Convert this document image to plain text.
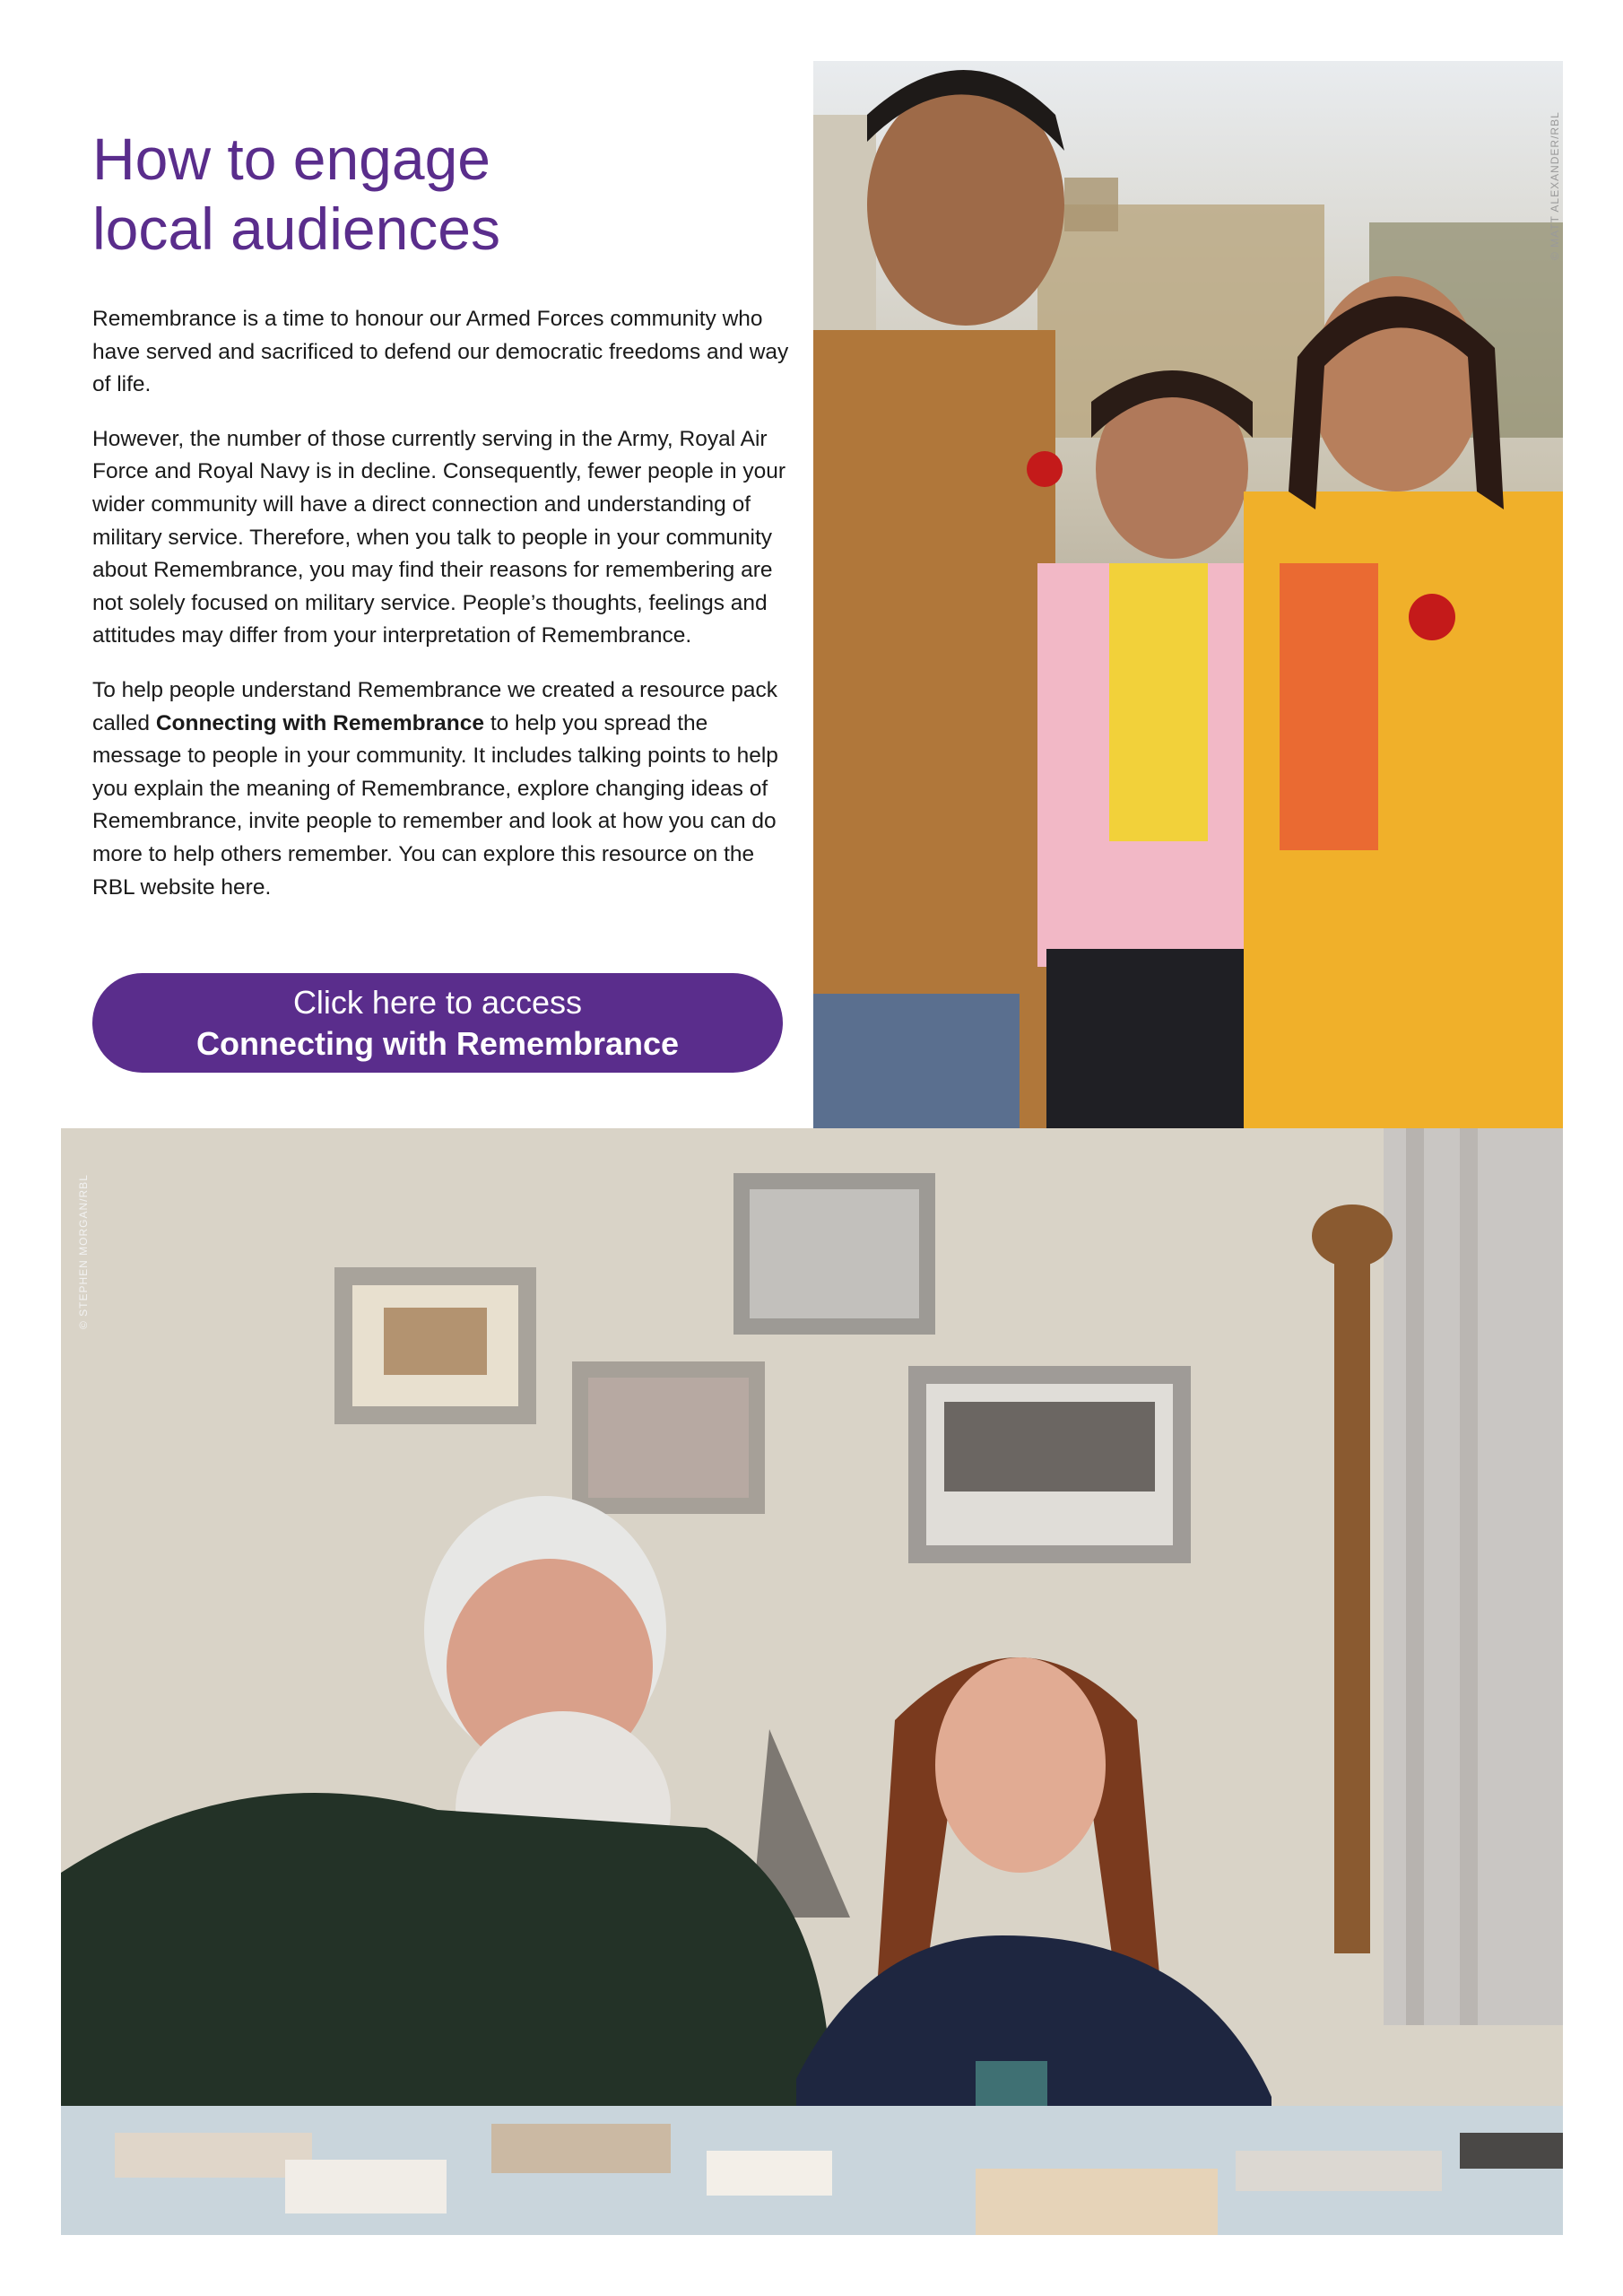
How to engage
local audiences

Remembrance is a time to honour our Armed Forces community who have served and sacrificed to defend our democratic freedoms and way of life.

However, the number of those currently serving in the Army, Royal Air Force and Royal Navy is in decline. Consequently, fewer people in your wider community will have a direct connection and understanding of military service. Therefore, when you talk to people in your community about Remembrance, you may find their reasons for remembering are not solely focused on military service. People’s thoughts, feelings and attitudes may differ from your interpretation of Remembrance.

To help people understand Remembrance we created a resource pack called Connecting with Remembrance to help you spread the message to people in your community. It includes talking points to help you explain the meaning of Remembrance, explore changing ideas of Remembrance, invite people to remember and look at how you can do more to help others remember. You can explore this resource on the RBL website here.

Click here to access
Connecting with Remembrance
© MATT ALEXANDER/RBL
© STEPHEN MORGAN/RBL
